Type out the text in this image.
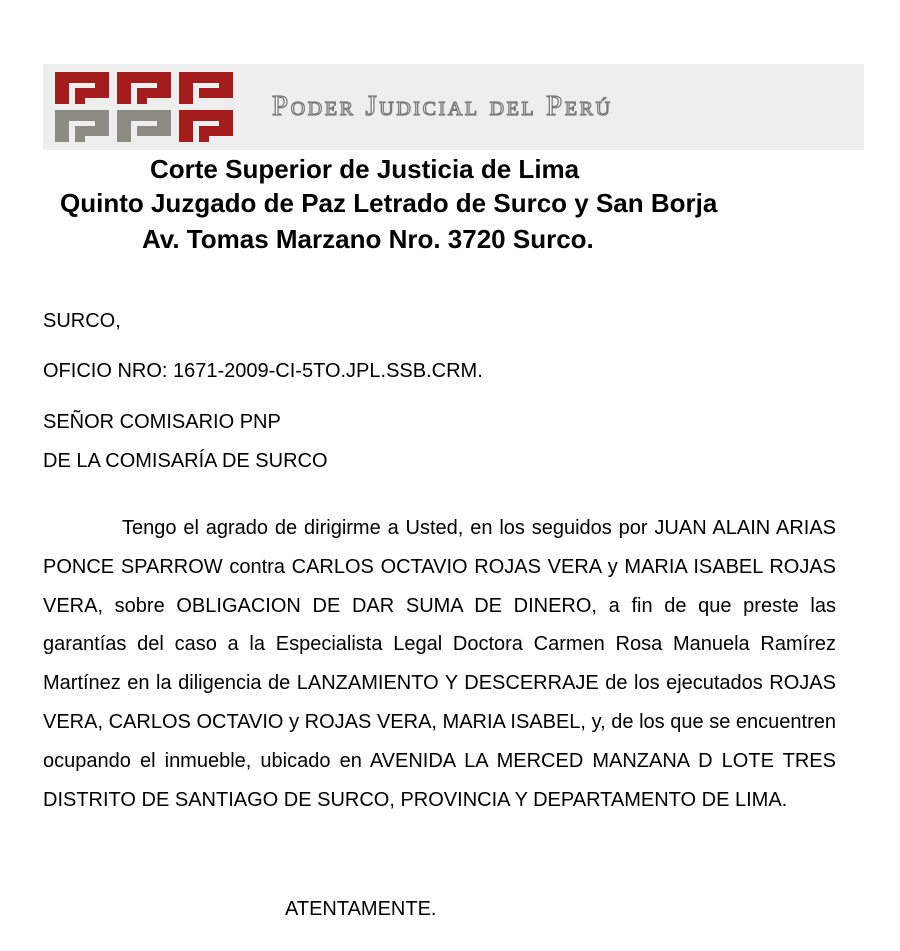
Poder Judicial del Perú
Corte Superior de Justicia de Lima
Quinto Juzgado de Paz Letrado de Surco y San Borja
Av. Tomas Marzano Nro. 3720 Surco.
SURCO,
OFICIO NRO: 1671-2009-CI-5TO.JPL.SSB.CRM.
SEÑOR COMISARIO PNP
DE LA COMISARÍA DE SURCO

Tengo el agrado de dirigirme a Usted, en los seguidos por JUAN ALAIN ARIAS PONCE SPARROW contra CARLOS OCTAVIO ROJAS VERA y MARIA ISABEL ROJAS VERA, sobre OBLIGACION DE DAR SUMA DE DINERO, a fin de que preste las garantías del caso a la Especialista Legal Doctora Carmen Rosa Manuela Ramírez Martínez en la diligencia de LANZAMIENTO Y DESCERRAJE de los ejecutados ROJAS VERA, CARLOS OCTAVIO y ROJAS VERA, MARIA ISABEL, y, de los que se encuentren ocupando el inmueble, ubicado en AVENIDA LA MERCED MANZANA D LOTE TRES DISTRITO DE SANTIAGO DE SURCO, PROVINCIA Y DEPARTAMENTO DE LIMA.

ATENTAMENTE.
